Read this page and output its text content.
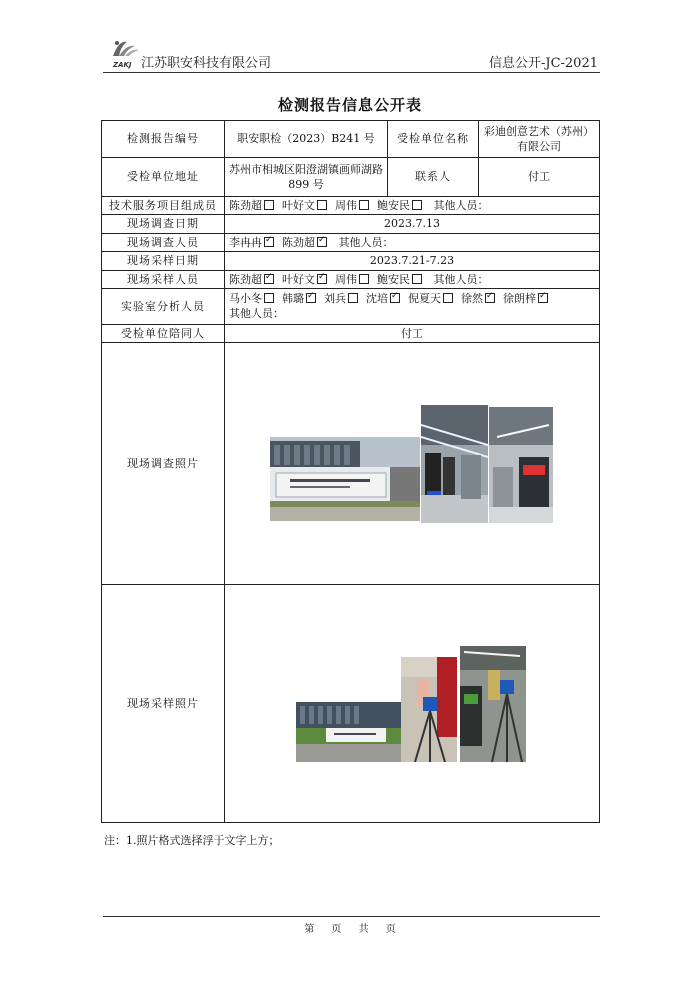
ZAKJ 江苏职安科技有限公司	信息公开-JC-2021
检测报告信息公开表
检测报告编号	职安职检（2023）B241 号	受检单位名称	彩迪创意艺术（苏州）有限公司
受检单位地址	苏州市相城区阳澄湖镇画师湖路 899 号	联系人	付工
技术服务项目组成员	陈劲超 叶好文 周伟 鲍安民 其他人员：		
现场调查日期	2023.7.13		
现场调查人员	李冉冉 ✓ 陈劲超 ✓ 其他人员：
现场采样日期	2023.7.21-7.23		
现场采样人员	陈劲超 ✓ 叶好文 ✓ 周伟 鲍安民 其他人员：
实验室分析人员	马小冬 韩璐 ✓ 刘兵 沈培 ✓ 倪夏天 徐然 ✓ 徐朗梓✓
其他人员：
受检单位陪同人	付工		
现场调查照片	

现场采样照片	
注：1.照片格式选择浮于文字上方；
第 页 共 页
